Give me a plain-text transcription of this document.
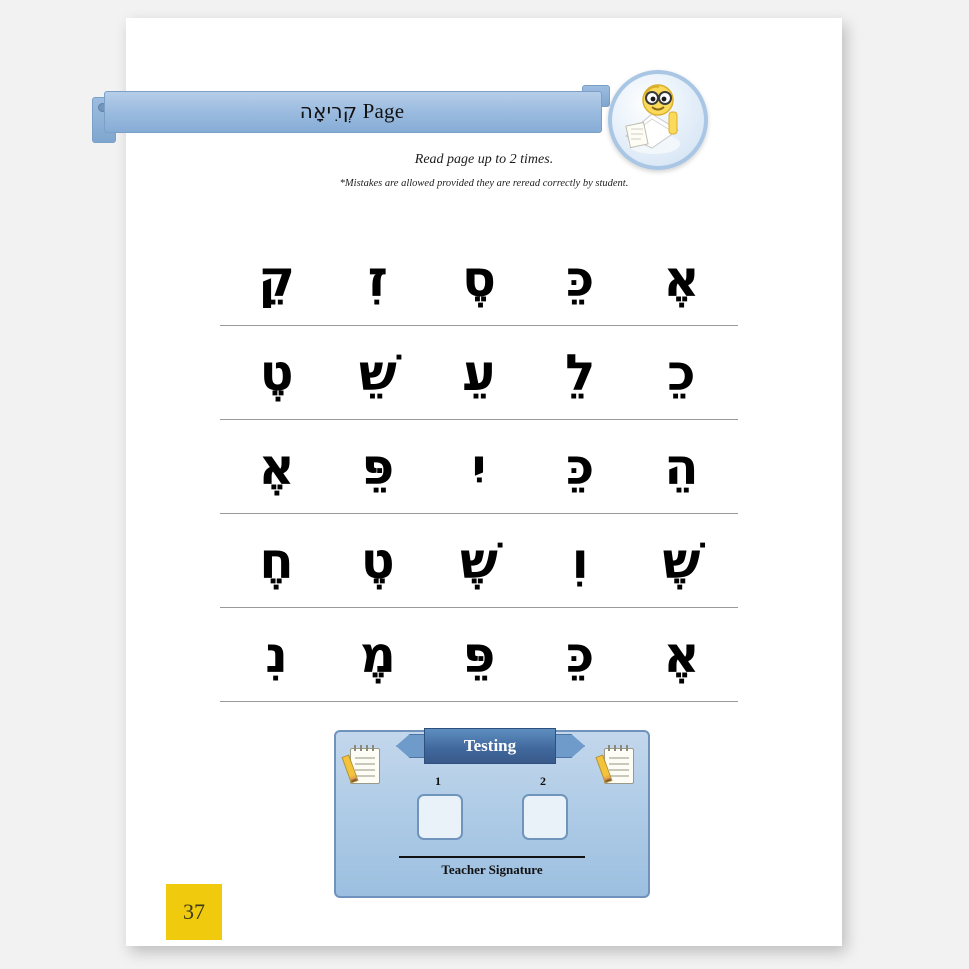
קְרִיאָה Page
Read page up to 2 times.
*Mistakes are allowed provided they are reread correctly by student.
אֶ
כֵּ
סֶ
זִ
קֵ
כֵ
לֵ
עֵ
שֵׁ
טֶ
הֵ
כֵּ
יִ
פֵּ
אֶ
שֶׁ
וִ
שֶׁ
טֶ
חֶ
אֶ
כֵּ
פֵּ
מֶ
נִ
1	2
Teacher Signature
Testing
37
